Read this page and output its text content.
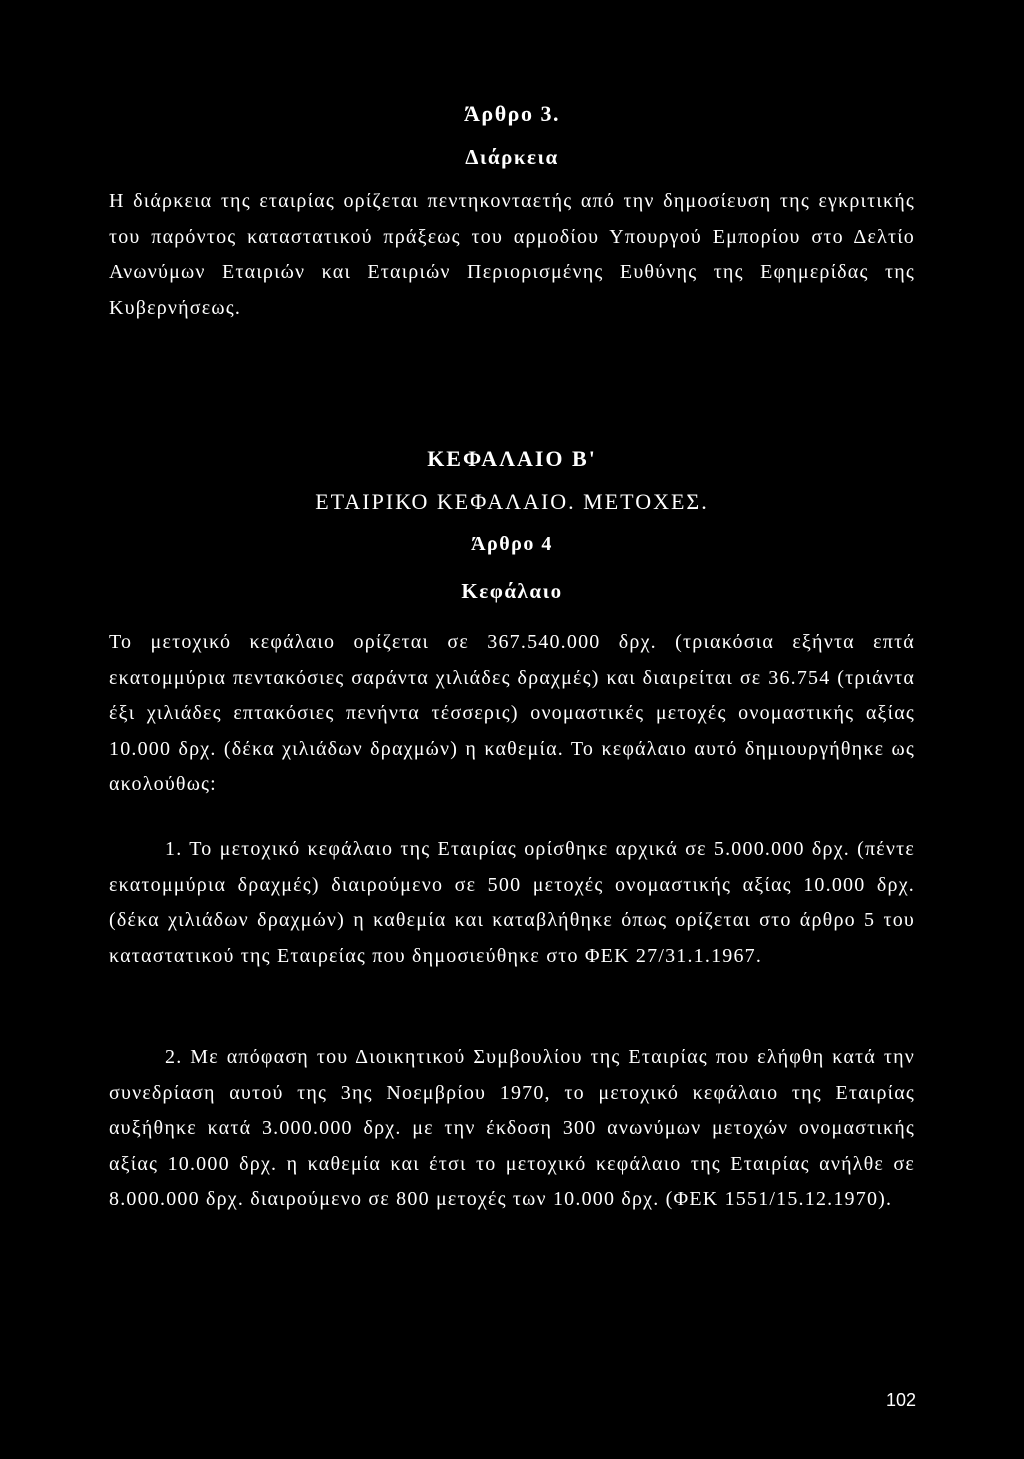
Άρθρο 3.
Διάρκεια

Η διάρκεια της εταιρίας ορίζεται πεντηκονταετής από την δημοσίευση της εγκριτικής του παρόντος καταστατικού πράξεως του αρμοδίου Υπουργού Εμπορίου στο Δελτίο Ανωνύμων Εταιριών και Εταιριών Περιορισμένης Ευθύνης της Εφημερίδας της Κυβερνήσεως.

ΚΕΦΑΛΑΙΟ Β'
ΕΤΑΙΡΙΚΟ ΚΕΦΑΛΑΙΟ. ΜΕΤΟΧΕΣ.
Άρθρο 4
Κεφάλαιο

Το μετοχικό κεφάλαιο ορίζεται σε 367.540.000 δρχ. (τριακόσια εξήντα επτά εκατομμύρια πεντακόσιες σαράντα χιλιάδες δραχμές) και διαιρείται σε 36.754 (τριάντα έξι χιλιάδες επτακόσιες πενήντα τέσσερις) ονομαστικές μετοχές ονομαστικής αξίας 10.000 δρχ. (δέκα χιλιάδων δραχμών) η καθεμία. Το κεφάλαιο αυτό δημιουργήθηκε ως ακολούθως:

1. Το μετοχικό κεφάλαιο της Εταιρίας ορίσθηκε αρχικά σε 5.000.000 δρχ. (πέντε εκατομμύρια δραχμές) διαιρούμενο σε 500 μετοχές ονομαστικής αξίας 10.000 δρχ. (δέκα χιλιάδων δραχμών) η καθεμία και καταβλήθηκε όπως ορίζεται στο άρθρο 5 του καταστατικού της Εταιρείας που δημοσιεύθηκε στο ΦΕΚ 27/31.1.1967.

2. Με απόφαση του Διοικητικού Συμβουλίου της Εταιρίας που ελήφθη κατά την συνεδρίαση αυτού της 3ης Νοεμβρίου 1970, το μετοχικό κεφάλαιο της Εταιρίας αυξήθηκε κατά 3.000.000 δρχ. με την έκδοση 300 ανωνύμων μετοχών ονομαστικής αξίας 10.000 δρχ. η καθεμία και έτσι το μετοχικό κεφάλαιο της Εταιρίας ανήλθε σε 8.000.000 δρχ. διαιρούμενο σε 800 μετοχές των 10.000 δρχ. (ΦΕΚ 1551/15.12.1970).

102
